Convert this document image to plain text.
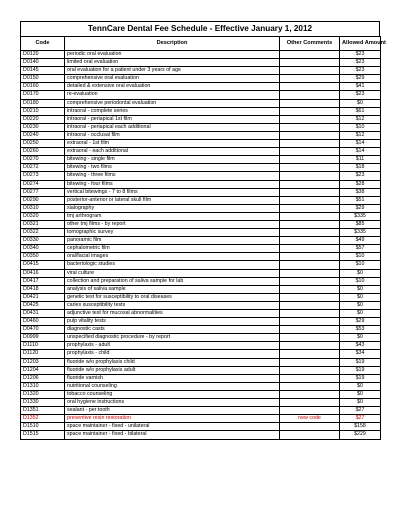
TennCare Dental Fee Schedule - Effective January 1, 2012
Code	Description	Other Comments	Allowed Amount
D0120	periodic oral evaluation		$23
D0140	limited oral evaluation		$23
D0145	oral evaluation for a patient under 3 years of age		$23
D0150	comprehensive oral evaluation		$29
D0160	detailed & extensive oral evaluation		$41
D0170	re-evaluation		$23
D0180	comprehensive periodontal evaluation		$0
D0210	intraoral - complete series		$61
D0220	intraoral - periapical 1st film		$12
D0230	intraoral - periapical each additional		$10
D0240	intraoral - occlusal film		$12
D0250	extraoral - 1st film		$14
D0260	extraoral - each additional		$14
D0270	bitewing - single film		$11
D0272	bitewing - two films		$18
D0273	bitewing - three films		$23
D0274	bitewing - four films		$28
D0277	vertical bitewings - 7 to 8 films		$38
D0290	posterior-anterior or lateral skull film		$51
D0310	sialography		$29
D0320	tmj arthrogram		$335
D0321	other tmj films - by report		$85
D0322	tomographic survey		$335
D0330	panoramic film		$49
D0340	cephalometric film		$57
D0350	oral/facial images		$10
D0415	bacteriologic studies		$10
D0416	viral culture		$0
D0417	collection and preparation of saliva sample for lab		$10
D0418	analysis of saliva sample		$0
D0421	genetic test for susceptibility to oral diseases		$0
D0425	caries susceptibility tests		$0
D0431	adjunctive test for mucosal abnormalities		$0
D0460	pulp vitality tests		$29
D0470	diagnostic casts		$53
D0999	unspecified diagnostic procedure - by report		$0
D1110	prophylaxis - adult		$43
D1120	prophylaxis - child		$34
D1203	fluoride w/o prophylaxis child		$19
D1204	fluoride w/o prophylaxis adult		$19
D1206	fluoride varnish		$19
D1310	nutritional counseling		$0
D1320	tobacco counseling		$0
D1330	oral hygiene instructions		$0
D1351	sealant - per tooth		$27
D1352	preventive resin restoration	new code	$27
D1510	space maintainer - fixed - unilateral		$158
D1515	space maintainer - fixed - bilateral		$229
